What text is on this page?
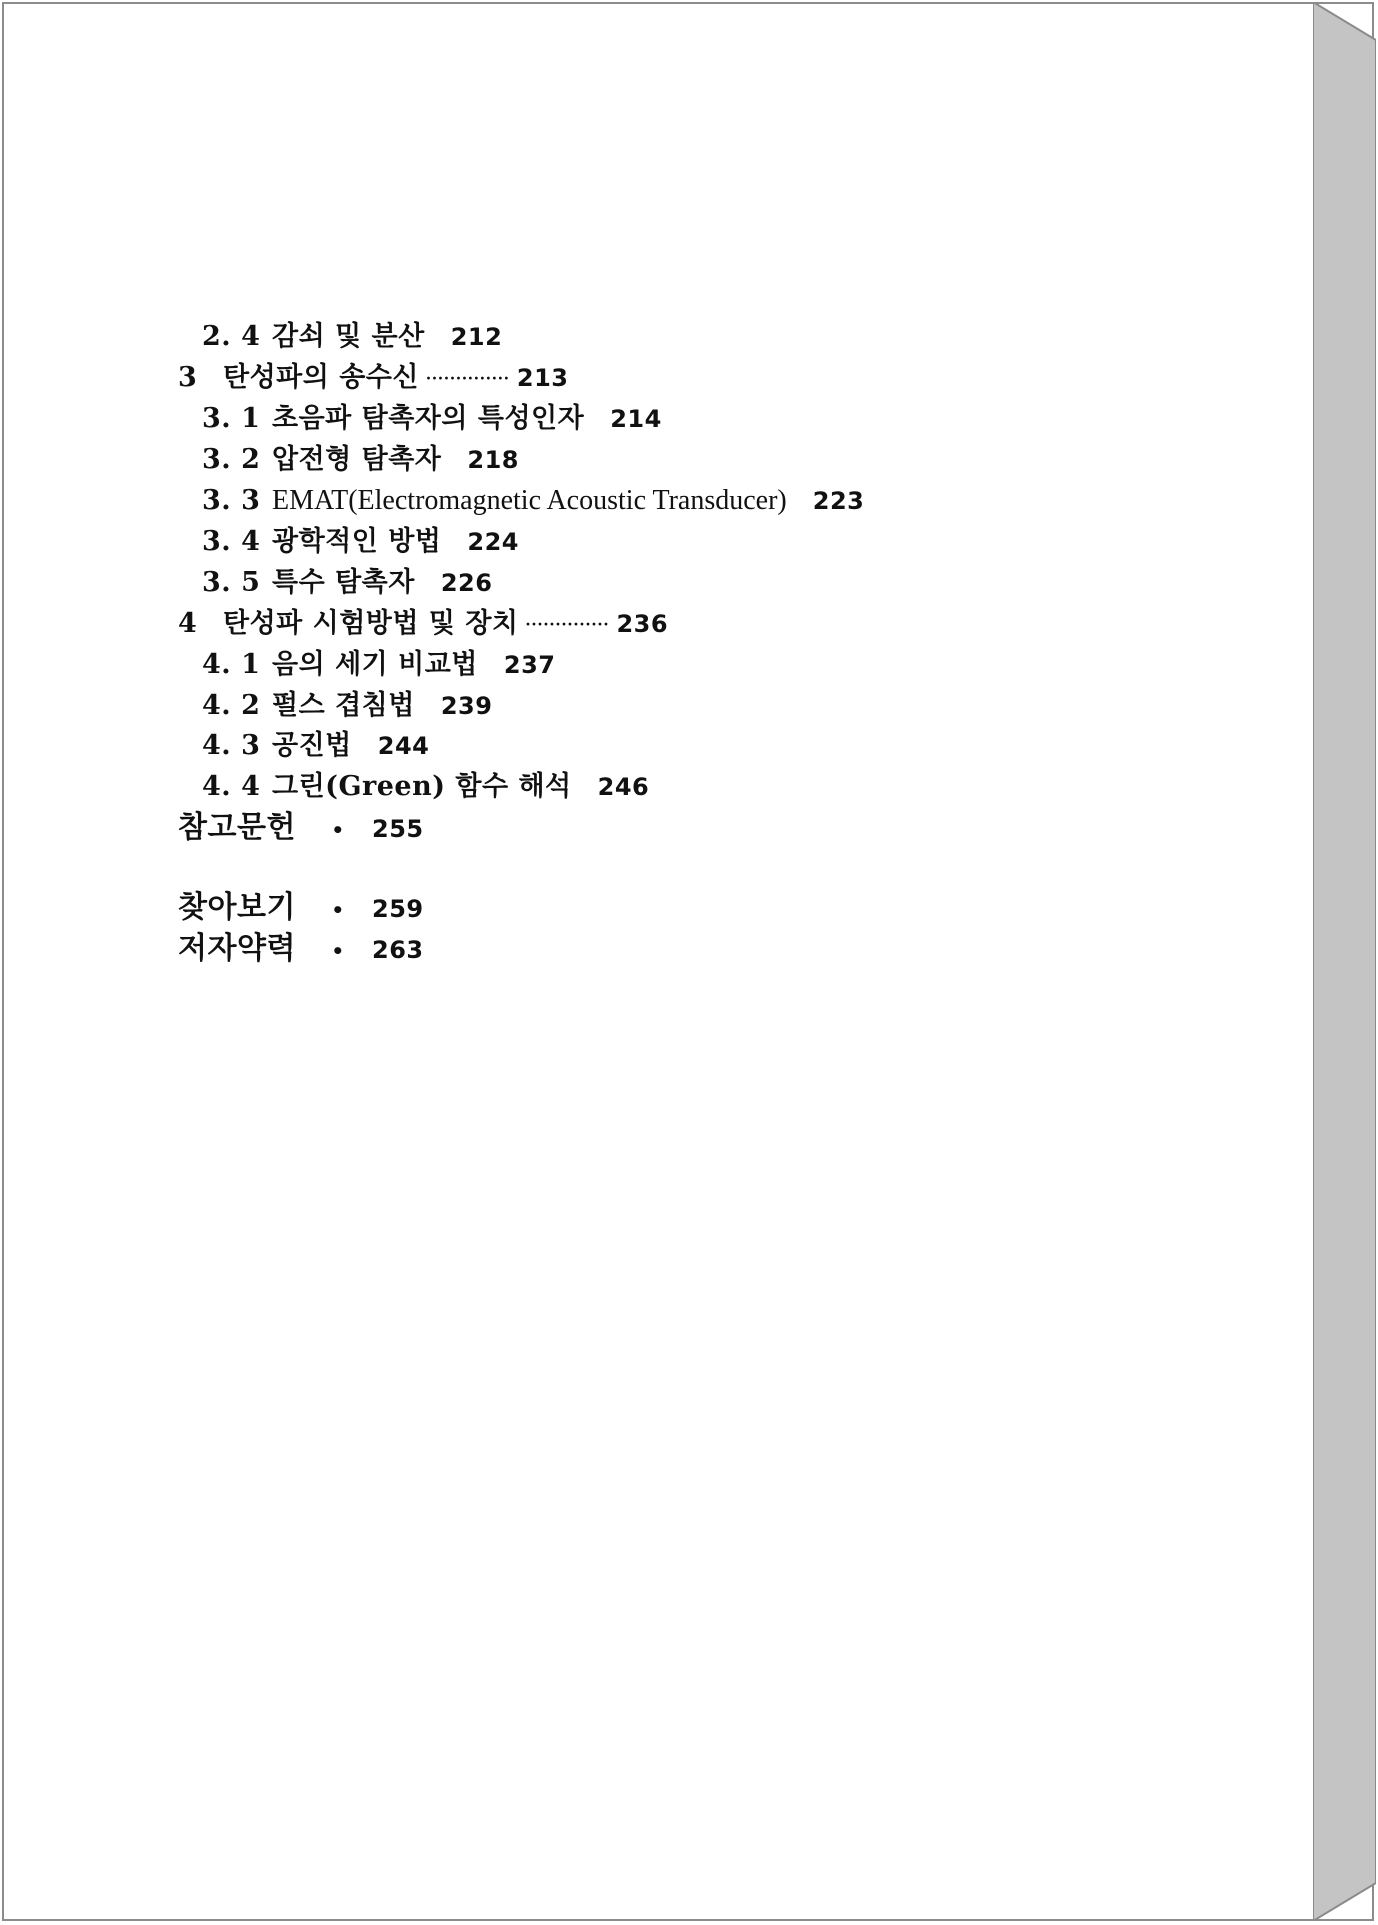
2. 4 감쇠 및 분산 212
3 탄성파의 송수신 ·············· 213
3. 1 초음파 탐촉자의 특성인자 214
3. 2 압전형 탐촉자 218
3. 3 EMAT(Electromagnetic Acoustic Transducer) 223
3. 4 광학적인 방법 224
3. 5 특수 탐촉자 226
4 탄성파 시험방법 및 장치 ·············· 236
4. 1 음의 세기 비교법 237
4. 2 펄스 겹침법 239
4. 3 공진법 244
4. 4 그린(Green) 함수 해석 246
참고문헌 • 255
찾아보기 • 259
저자약력 • 263
